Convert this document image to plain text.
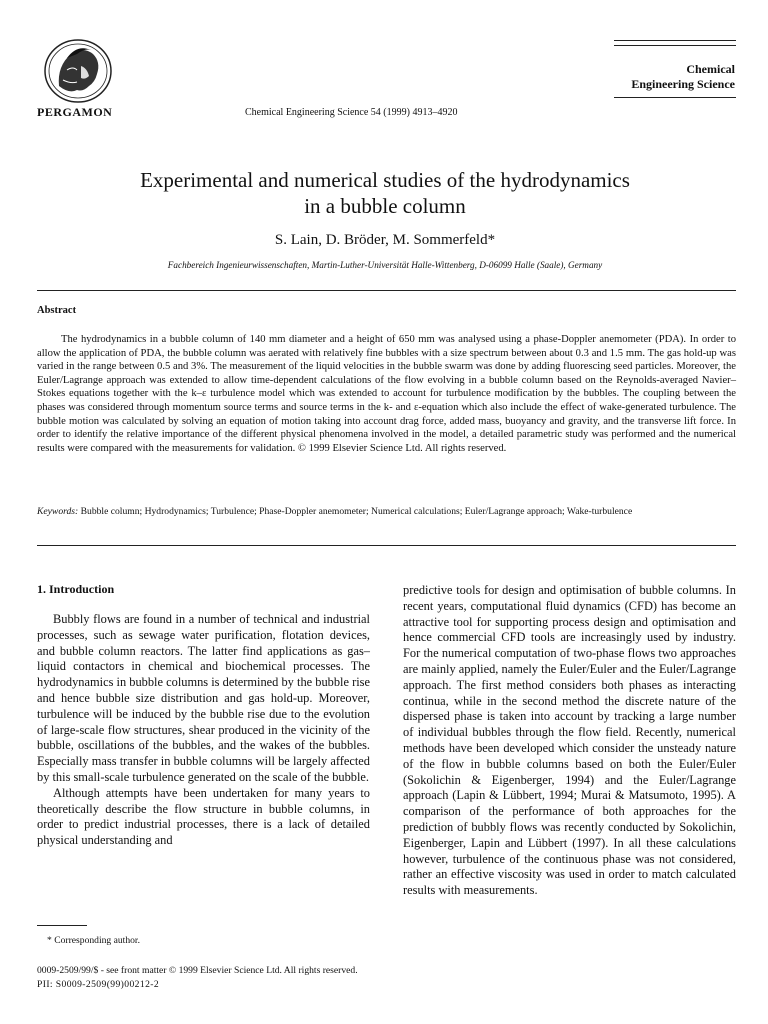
PERGAMON	Chemical Engineering Science 54 (1999) 4913–4920
Chemical
Engineering Science
Experimental and numerical studies of the hydrodynamics
in a bubble column
S. Lain, D. Bröder, M. Sommerfeld*
Fachbereich Ingenieurwissenschaften, Martin-Luther-Universität Halle-Wittenberg, D-06099 Halle (Saale), Germany
Abstract
The hydrodynamics in a bubble column of 140 mm diameter and a height of 650 mm was analysed using a phase-Doppler anemometer (PDA). In order to allow the application of PDA, the bubble column was aerated with relatively fine bubbles with a size spectrum between about 0.3 and 1.5 mm. The gas hold-up was varied in the range between 0.5 and 3%. The measurement of the liquid velocities in the bubble swarm was done by adding fluorescing seed particles. Moreover, the Euler/Lagrange approach was extended to allow time-dependent calculations of the flow evolving in a bubble column based on the Reynolds-averaged Navier–Stokes equations together with the k–ε turbulence model which was extended to account for turbulence modification by the bubbles. The coupling between the phases was considered through momentum source terms and source terms in the k- and ε-equation which also include the effect of wake-generated turbulence. The bubble motion was calculated by solving an equation of motion taking into account drag force, added mass, buoyancy and gravity, and the transverse lift force. In order to identify the relative importance of the different physical phenomena involved in the model, a detailed parametric study was performed and the numerical results were compared with the measurements for validation. © 1999 Elsevier Science Ltd. All rights reserved.
Keywords: Bubble column; Hydrodynamics; Turbulence; Phase-Doppler anemometer; Numerical calculations; Euler/Lagrange approach; Wake-turbulence
1. Introduction

Bubbly flows are found in a number of technical and industrial processes, such as sewage water purification, flotation devices, and bubble column reactors. The latter find applications as gas–liquid contactors in chemical and biochemical processes. The hydrodynamics in bubble columns is determined by the bubble rise and hence bubble size distribution and gas hold-up. Moreover, turbulence will be induced by the bubble rise due to the evolution of large-scale flow structures, shear produced in the vicinity of the bubble, oscillations of the bubbles, and the wakes of the bubbles. Especially mass transfer in bubble columns will be largely affected by this small-scale turbulence generated on the scale of the bubble.

Although attempts have been undertaken for many years to theoretically describe the flow structure in bubble columns, in order to predict industrial processes, there is a lack of detailed physical understanding and

predictive tools for design and optimisation of bubble columns. In recent years, computational fluid dynamics (CFD) has become an attractive tool for supporting process design and optimisation and hence commercial CFD tools are increasingly used by industry. For the numerical computation of two-phase flows two approaches are mainly applied, namely the Euler/Euler and the Euler/Lagrange approach. The first method considers both phases as interacting continua, while in the second method the discrete nature of the dispersed phase is taken into account by tracking a large number of individual bubbles through the flow field. Recently, numerical methods have been developed which consider the unsteady nature of the flow in bubble columns based on both the Euler/Euler (Sokolichin & Eigenberger, 1994) and the Euler/Lagrange approach (Lapin & Lübbert, 1994; Murai & Matsumoto, 1995). A comparison of the performance of both approaches for the prediction of bubbly flows was recently conducted by Sokolichin, Eigenberger, Lapin and Lübbert (1997). In all these calculations however, turbulence of the continuous phase was not considered, rather an effective viscosity was used in order to match calculated results with measurements.

* Corresponding author.
0009-2509/99/$ - see front matter © 1999 Elsevier Science Ltd. All rights reserved.
PII: S0009-2509(99)00212-2
